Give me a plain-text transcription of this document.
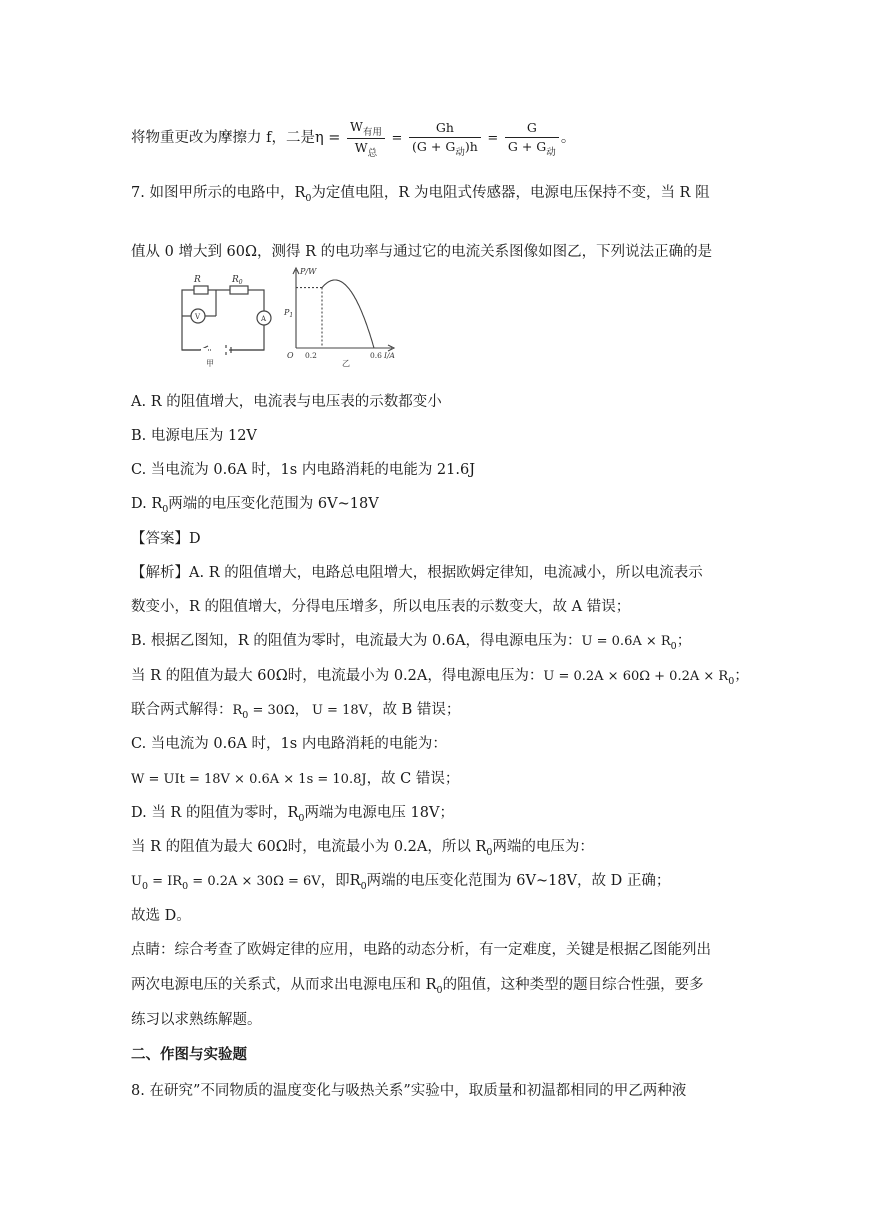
将物重更改为摩擦力 f，二是$\eta = \frac{W_{有用}}{W_总} = \frac{Gh}{(G + G_动)h} = \frac{G}{G + G_动}$ 。
7. 如图甲所示的电路中，$R_0$为定值电阻，R 为电阻式传感器，电源电压保持不变，当 R 阻
值从 0 增大到 60Ω，测得 R 的电功率与通过它的电流关系图像如图乙，下列说法正确的是
R	$R_0$
V	A
甲
P/W
$P_1$
O 0.2	0.6 I/A
乙
A. R 的阻值增大，电流表与电压表的示数都变小
B. 电源电压为 12V
C. 当电流为 0.6A 时，1s 内电路消耗的电能为 21.6J
D. $R_0$两端的电压变化范围为 6V~18V
【答案】D
【解析】A. R 的阻值增大，电路总电阻增大，根据欧姆定律知，电流减小，所以电流表示
数变小，R 的阻值增大，分得电压增多，所以电压表的示数变大，故 A 错误；
B. 根据乙图知，R 的阻值为零时，电流最大为 0.6A，得电源电压为：$U = 0.6A \times R_0$；
当 R 的阻值为最大 60Ω时，电流最小为 0.2A，得电源电压为：$U = 0.2A \times 60\Omega + 0.2A \times R_0$；
联合两式解得：$R_0 = 30\Omega$， U = 18V，故 B 错误；
C. 当电流为 0.6A 时，1s 内电路消耗的电能为：
W = UIt = 18V × 0.6A × 1s = 10.8J，故 C 错误；
D. 当 R 的阻值为零时，$R_0$两端为电源电压 18V；
当 R 的阻值为最大 60Ω时，电流最小为 0.2A，所以 $R_0$两端的电压为：
$U_0 = IR_0 = 0.2A \times 30\Omega = 6V$，即$R_0$两端的电压变化范围为 6V~18V，故 D 正确；
故选 D。
点睛：综合考查了欧姆定律的应用，电路的动态分析，有一定难度，关键是根据乙图能列出
两次电源电压的关系式，从而求出电源电压和 $R_0$的阻值，这种类型的题目综合性强，要多
练习以求熟练解题。
二、作图与实验题
8. 在研究”不同物质的温度变化与吸热关系”实验中，取质量和初温都相同的甲乙两种液
